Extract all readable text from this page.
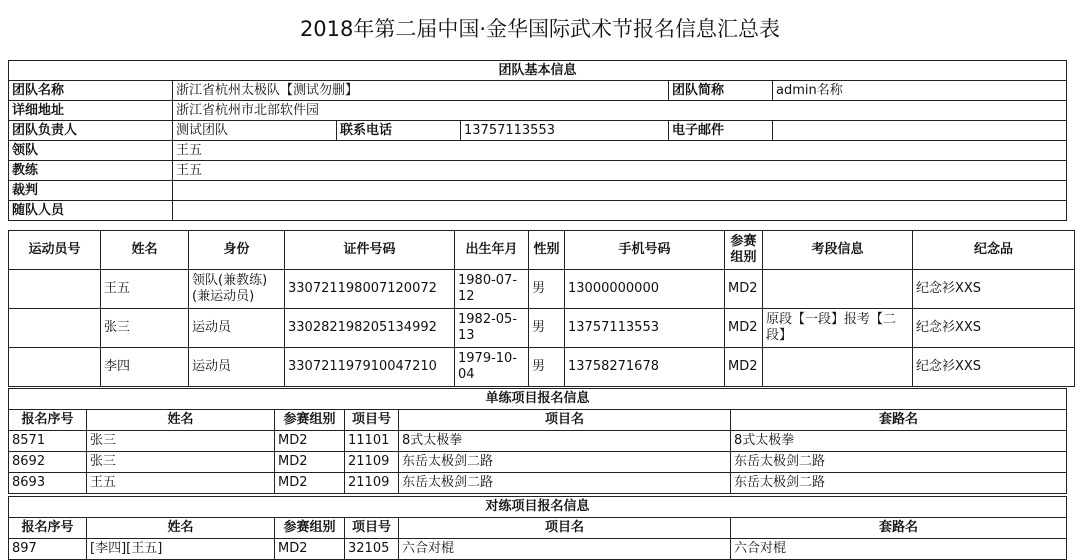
2018年第二届中国·金华国际武术节报名信息汇总表
团队基本信息					
团队名称	浙江省杭州太极队【测试勿删】			团队简称	admin名称
详细地址	浙江省杭州市北部软件园				
团队负责人	测试团队	联系电话	13757113553	电子邮件	
领队	王五				
教练	王五				
裁判					
随队人员					
运动员号	姓名	身份	证件号码	出生年月	性别	手机号码	参赛组别	考段信息	纪念品
	王五	领队(兼教练)(兼运动员)	330721198007120072	1980-07-12	男	13000000000	MD2		纪念衫XXS
	张三	运动员	330282198205134992	1982-05-13	男	13757113553	MD2	原段【一段】报考【二段】	纪念衫XXS
	李四	运动员	330721197910047210	1979-10-04	男	13758271678	MD2		纪念衫XXS
单练项目报名信息					
报名序号	姓名	参赛组别	项目号	项目名	套路名
8571	张三	MD2	11101	8式太极拳	8式太极拳
8692	张三	MD2	21109	东岳太极剑二路	东岳太极剑二路
8693	王五	MD2	21109	东岳太极剑二路	东岳太极剑二路
对练项目报名信息					
报名序号	姓名	参赛组别	项目号	项目名	套路名
897	[李四][王五]	MD2	32105	六合对棍	六合对棍
